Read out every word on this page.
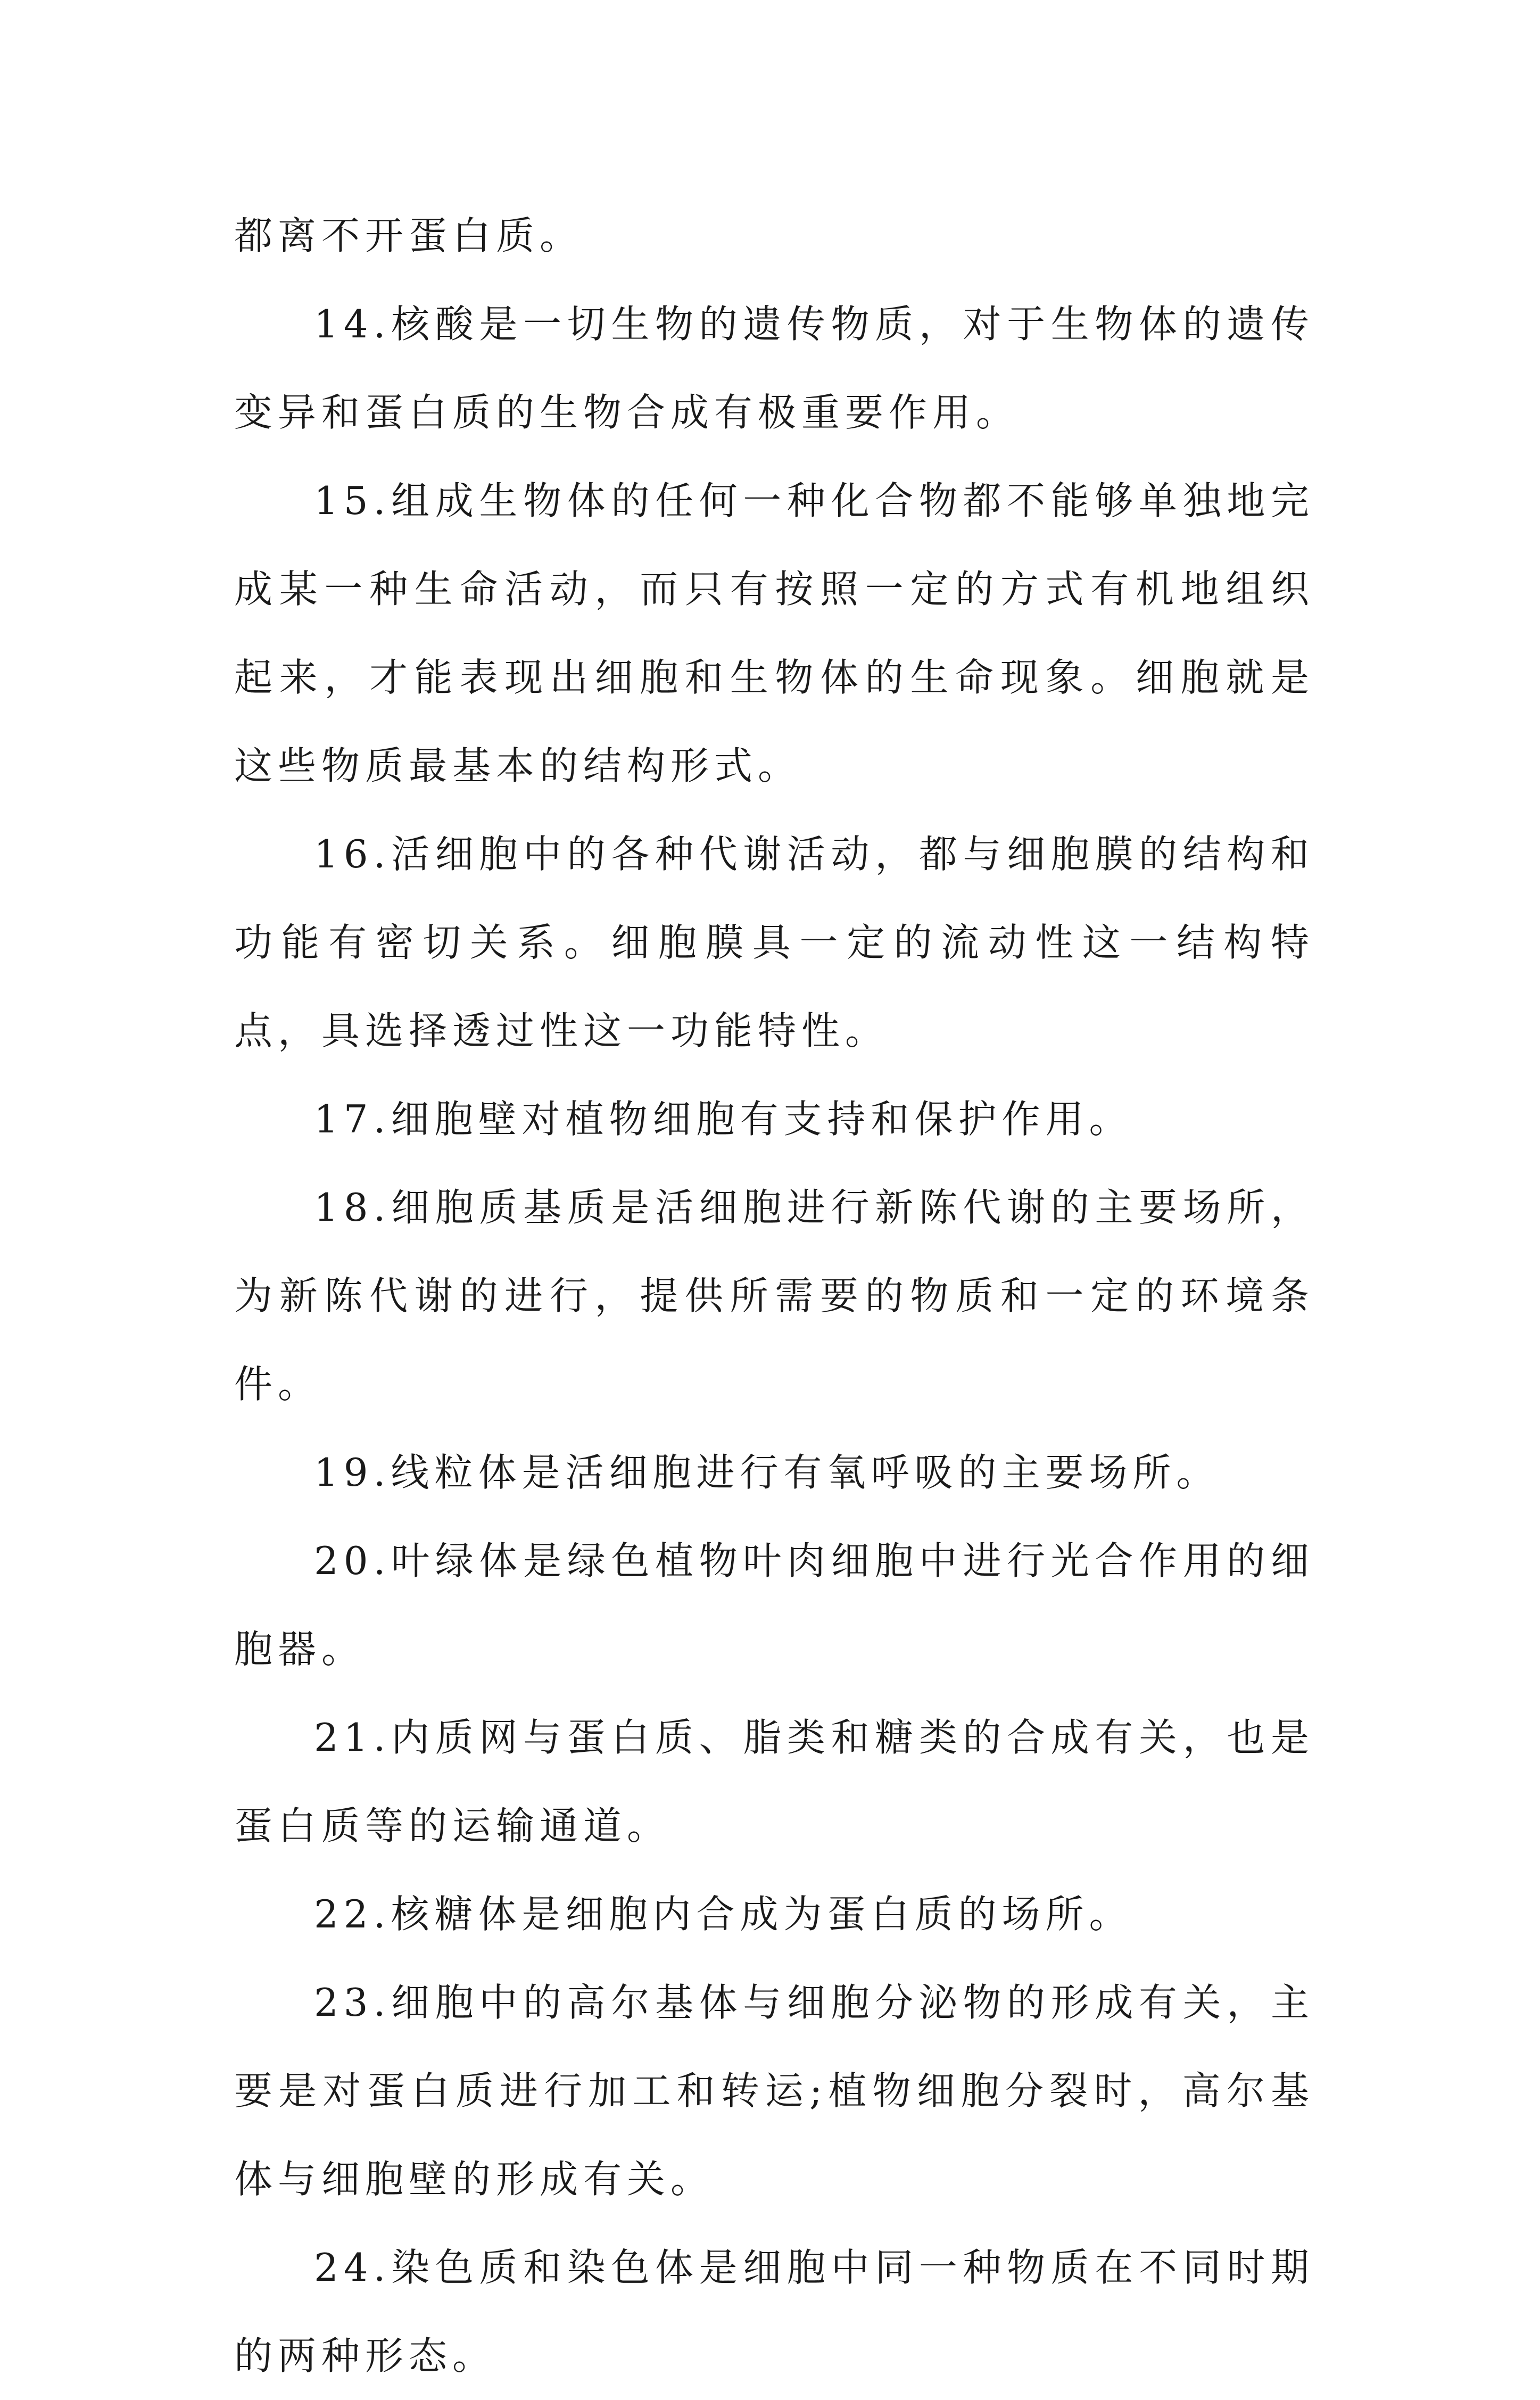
都离不开蛋白质。

14.核酸是一切生物的遗传物质，对于生物体的遗传变异和蛋白质的生物合成有极重要作用。

15.组成生物体的任何一种化合物都不能够单独地完成某一种生命活动，而只有按照一定的方式有机地组织起来，才能表现出细胞和生物体的生命现象。细胞就是这些物质最基本的结构形式。

16.活细胞中的各种代谢活动，都与细胞膜的结构和功能有密切关系。细胞膜具一定的流动性这一结构特点，具选择透过性这一功能特性。

17.细胞壁对植物细胞有支持和保护作用。

18.细胞质基质是活细胞进行新陈代谢的主要场所，为新陈代谢的进行，提供所需要的物质和一定的环境条件。

19.线粒体是活细胞进行有氧呼吸的主要场所。

20.叶绿体是绿色植物叶肉细胞中进行光合作用的细胞器。

21.内质网与蛋白质、脂类和糖类的合成有关，也是蛋白质等的运输通道。

22.核糖体是细胞内合成为蛋白质的场所。

23.细胞中的高尔基体与细胞分泌物的形成有关，主要是对蛋白质进行加工和转运;植物细胞分裂时，高尔基体与细胞壁的形成有关。

24.染色质和染色体是细胞中同一种物质在不同时期的两种形态。
